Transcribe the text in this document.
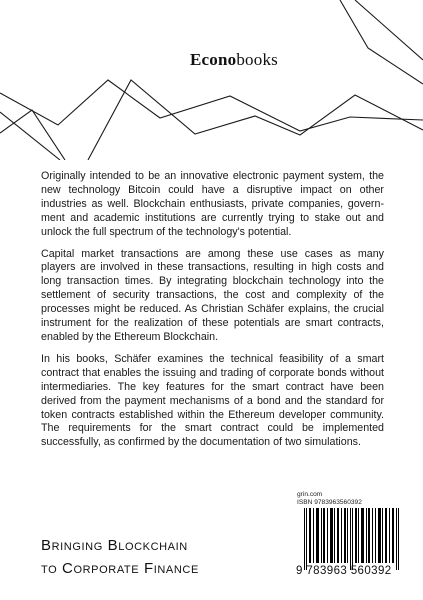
Econobooks

Originally intended to be an innovative electronic payment system, the new technology Bitcoin could have a disruptive impact on other industries as well. Blockchain enthusiasts, private companies, government and academic institutions are currently trying to stake out and unlock the full spectrum of the technology's potential.

Capital market transactions are among these use cases as many players are involved in these transactions, resulting in high costs and long transaction times. By integrating blockchain technology into the settlement of security transactions, the cost and complexity of the processes might be reduced. As Christian Schäfer explains, the crucial instrument for the realization of these potentials are smart contracts, enabled by the Ethereum Blockchain.

In his books, Schäfer examines the technical feasibility of a smart contract that enables the issuing and trading of corporate bonds without intermediaries. The key features for the smart contract have been derived from the payment mechanisms of a bond and the standard for token contracts established within the Ethereum developer community. The requirements for the smart contract could be implemented successfully, as confirmed by the documentation of two simulations.

grin.com
ISBN 9783963560392
9 783963 560392
Bringing Blockchain
to Corporate Finance
